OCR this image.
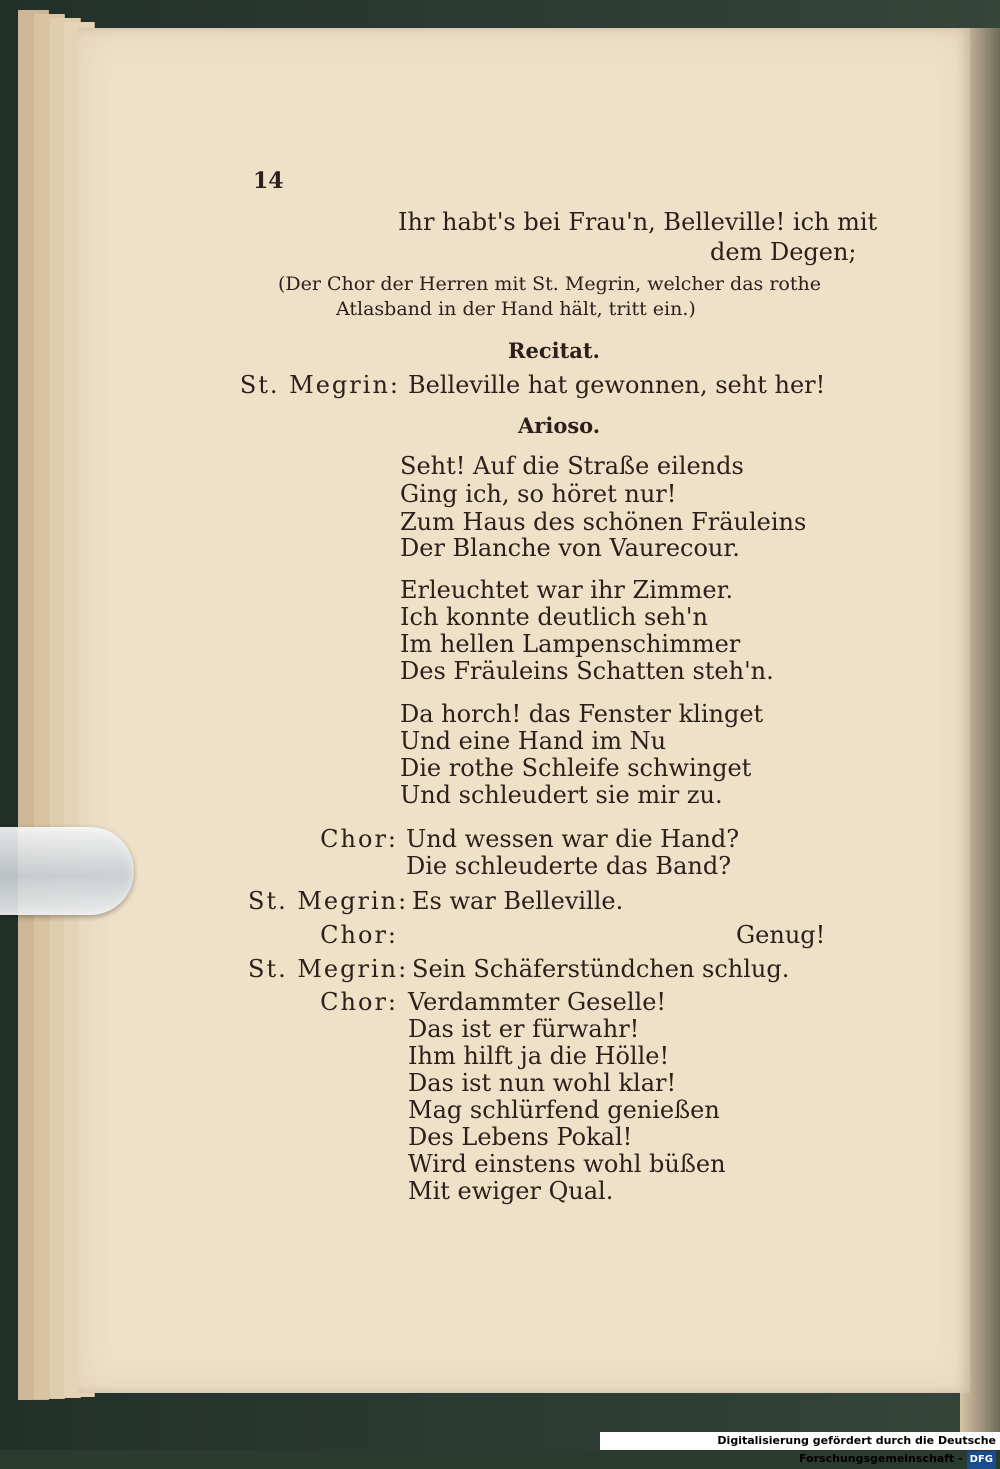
14
Ihr habt's bei Frau'n, Belleville! ich mit
dem Degen;
(Der Chor der Herren mit St. Megrin, welcher das rothe
Atlasband in der Hand hält, tritt ein.)
Recitat.
St. Megrin: Belleville hat gewonnen, seht her!
Arioso.
Seht! Auf die Straße eilends
Ging ich, so höret nur!
Zum Haus des schönen Fräuleins
Der Blanche von Vaurecour.
Erleuchtet war ihr Zimmer.
Ich konnte deutlich seh'n
Im hellen Lampenschimmer
Des Fräuleins Schatten steh'n.
Da horch! das Fenster klinget
Und eine Hand im Nu
Die rothe Schleife schwinget
Und schleudert sie mir zu.
Chor: Und wessen war die Hand?
Die schleuderte das Band?
St. Megrin: Es war Belleville.
Chor:	Genug!
St. Megrin: Sein Schäferstündchen schlug.
Chor: Verdammter Geselle!
Das ist er fürwahr!
Ihm hilft ja die Hölle!
Das ist nun wohl klar!
Mag schlürfend genießen
Des Lebens Pokal!
Wird einstens wohl büßen
Mit ewiger Qual.
Digitalisierung gefördert durch die Deutsche Forschungsgemeinschaft - DFG
